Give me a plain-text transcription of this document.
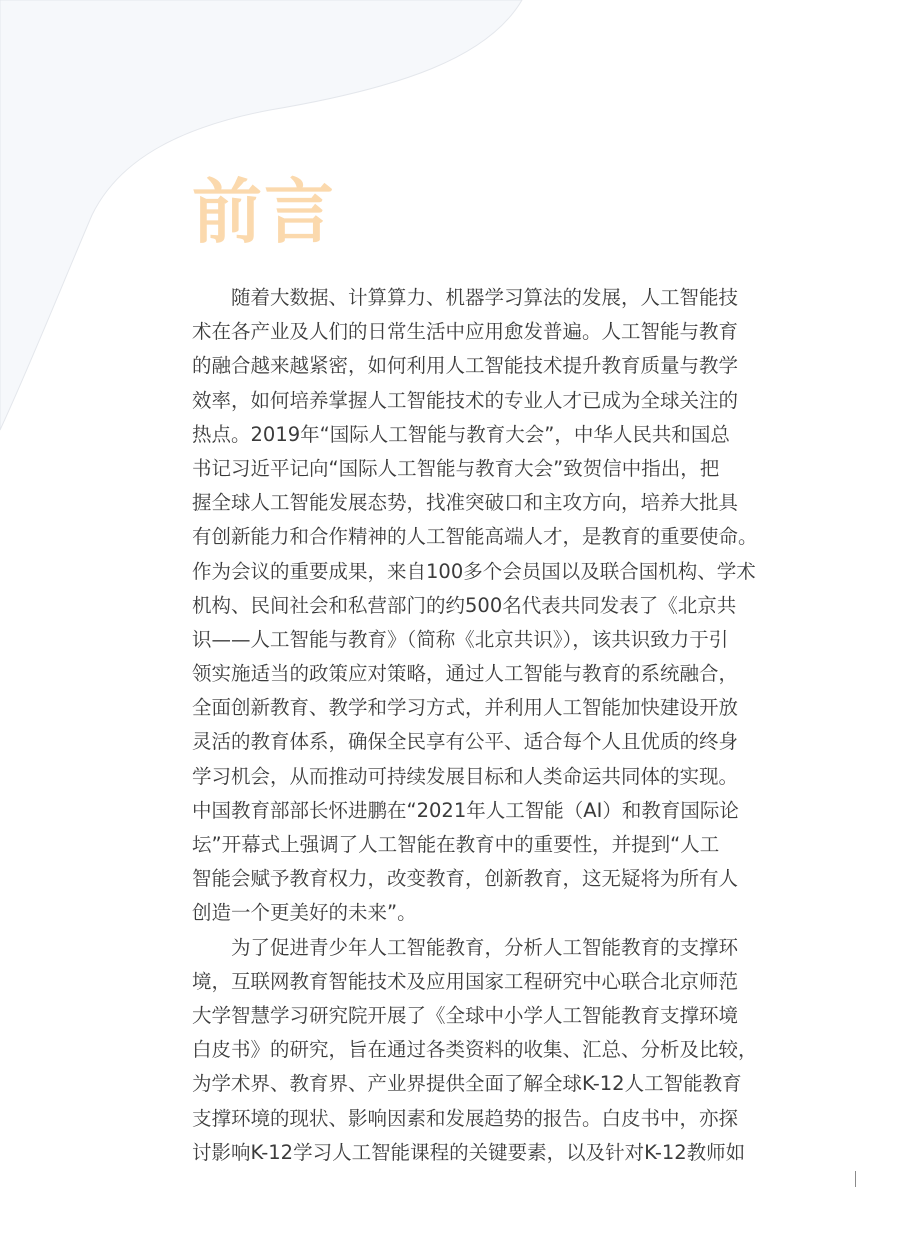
前言
随着大数据、计算算力、机器学习算法的发展，人工智能技
术在各产业及人们的日常生活中应用愈发普遍。人工智能与教育
的融合越来越紧密，如何利用人工智能技术提升教育质量与教学
效率，如何培养掌握人工智能技术的专业人才已成为全球关注的
热点。2019年“国际人工智能与教育大会”，中华人民共和国总
书记习近平记向“国际人工智能与教育大会”致贺信中指出，把
握全球人工智能发展态势，找准突破口和主攻方向，培养大批具
有创新能力和合作精神的人工智能高端人才，是教育的重要使命。
作为会议的重要成果，来自100多个会员国以及联合国机构、学术
机构、民间社会和私营部门的约500名代表共同发表了《北京共
识——人工智能与教育》（简称《北京共识》），该共识致力于引
领实施适当的政策应对策略，通过人工智能与教育的系统融合，
全面创新教育、教学和学习方式，并利用人工智能加快建设开放
灵活的教育体系，确保全民享有公平、适合每个人且优质的终身
学习机会，从而推动可持续发展目标和人类命运共同体的实现。
中国教育部部长怀进鹏在“2021年人工智能（AI）和教育国际论
坛”开幕式上强调了人工智能在教育中的重要性，并提到“人工
智能会赋予教育权力，改变教育，创新教育，这无疑将为所有人
创造一个更美好的未来”。
为了促进青少年人工智能教育，分析人工智能教育的支撑环
境，互联网教育智能技术及应用国家工程研究中心联合北京师范
大学智慧学习研究院开展了《全球中小学人工智能教育支撑环境
白皮书》的研究，旨在通过各类资料的收集、汇总、分析及比较，
为学术界、教育界、产业界提供全面了解全球K-12人工智能教育
支撑环境的现状、影响因素和发展趋势的报告。白皮书中，亦探
讨影响K-12学习人工智能课程的关键要素，以及针对K-12教师如
